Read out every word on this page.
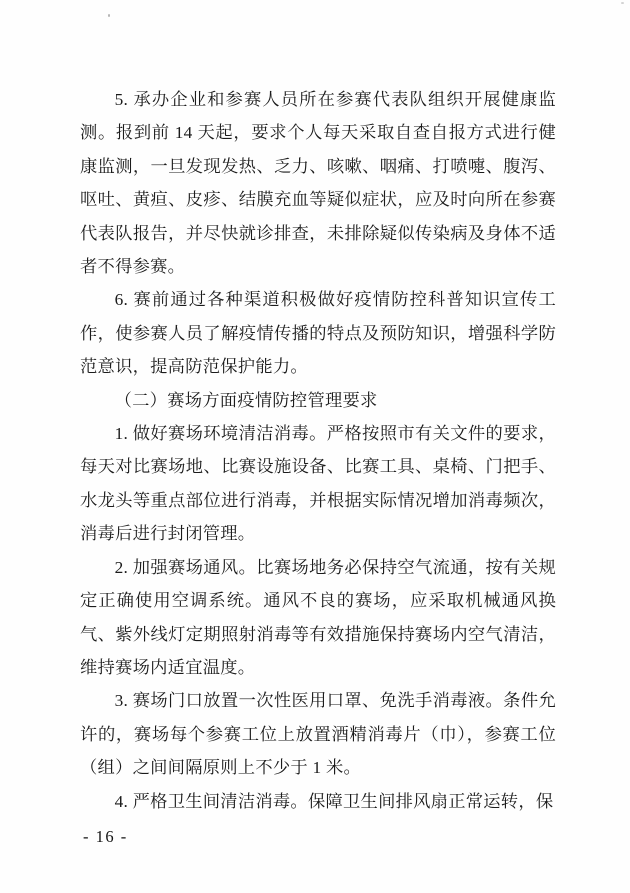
5. 承办企业和参赛人员所在参赛代表队组织开展健康监测。报到前 14 天起，要求个人每天采取自查自报方式进行健康监测，一旦发现发热、乏力、咳嗽、咽痛、打喷嚏、腹泻、呕吐、黄疸、皮疹、结膜充血等疑似症状，应及时向所在参赛代表队报告，并尽快就诊排查，未排除疑似传染病及身体不适者不得参赛。

6. 赛前通过各种渠道积极做好疫情防控科普知识宣传工作，使参赛人员了解疫情传播的特点及预防知识，增强科学防范意识，提高防范保护能力。

（二）赛场方面疫情防控管理要求

1. 做好赛场环境清洁消毒。严格按照市有关文件的要求，每天对比赛场地、比赛设施设备、比赛工具、桌椅、门把手、水龙头等重点部位进行消毒，并根据实际情况增加消毒频次，消毒后进行封闭管理。

2. 加强赛场通风。比赛场地务必保持空气流通，按有关规定正确使用空调系统。通风不良的赛场，应采取机械通风换气、紫外线灯定期照射消毒等有效措施保持赛场内空气清洁，维持赛场内适宜温度。

3. 赛场门口放置一次性医用口罩、免洗手消毒液。条件允许的，赛场每个参赛工位上放置酒精消毒片（巾），参赛工位（组）之间间隔原则上不少于 1 米。

4. 严格卫生间清洁消毒。保障卫生间排风扇正常运转，保

- 16 -
